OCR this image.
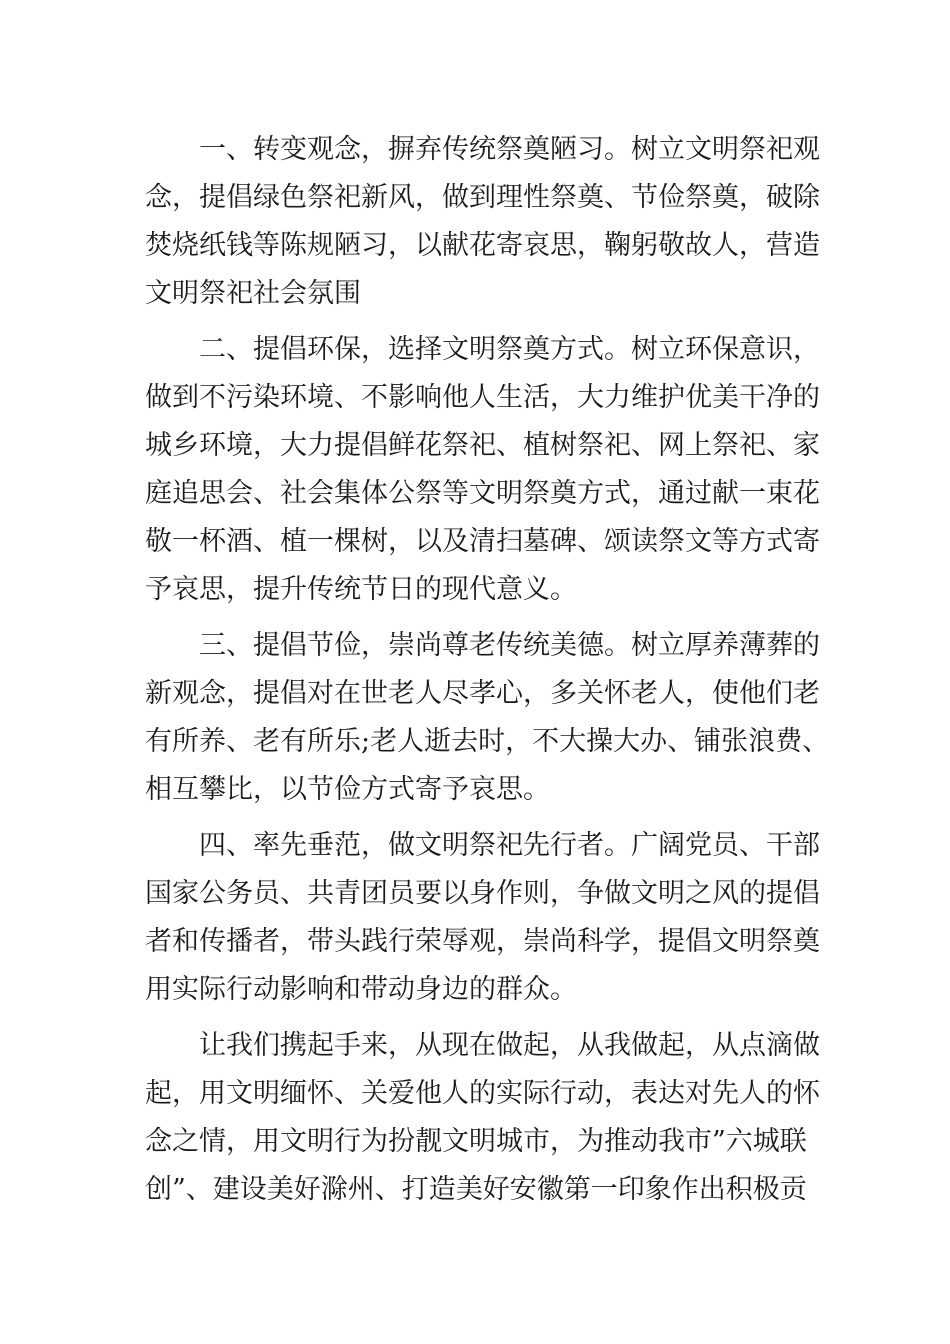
一、转变观念，摒弃传统祭奠陋习。树立文明祭祀观
念，提倡绿色祭祀新风，做到理性祭奠、节俭祭奠，破除
焚烧纸钱等陈规陋习，以献花寄哀思，鞠躬敬故人，营造
文明祭祀社会氛围
二、提倡环保，选择文明祭奠方式。树立环保意识，
做到不污染环境、不影响他人生活，大力维护优美干净的
城乡环境，大力提倡鲜花祭祀、植树祭祀、网上祭祀、家
庭追思会、社会集体公祭等文明祭奠方式，通过献一束花
敬一杯酒、植一棵树，以及清扫墓碑、颂读祭文等方式寄
予哀思，提升传统节日的现代意义。
三、提倡节俭，崇尚尊老传统美德。树立厚养薄葬的
新观念，提倡对在世老人尽孝心，多关怀老人，使他们老
有所养、老有所乐;老人逝去时，不大操大办、铺张浪费、
相互攀比，以节俭方式寄予哀思。
四、率先垂范，做文明祭祀先行者。广阔党员、干部
国家公务员、共青团员要以身作则，争做文明之风的提倡
者和传播者，带头践行荣辱观，崇尚科学，提倡文明祭奠
用实际行动影响和带动身边的群众。
让我们携起手来，从现在做起，从我做起，从点滴做
起，用文明缅怀、关爱他人的实际行动，表达对先人的怀
念之情，用文明行为扮靓文明城市，为推动我市”六城联
创”、建设美好滁州、打造美好安徽第一印象作出积极贡
